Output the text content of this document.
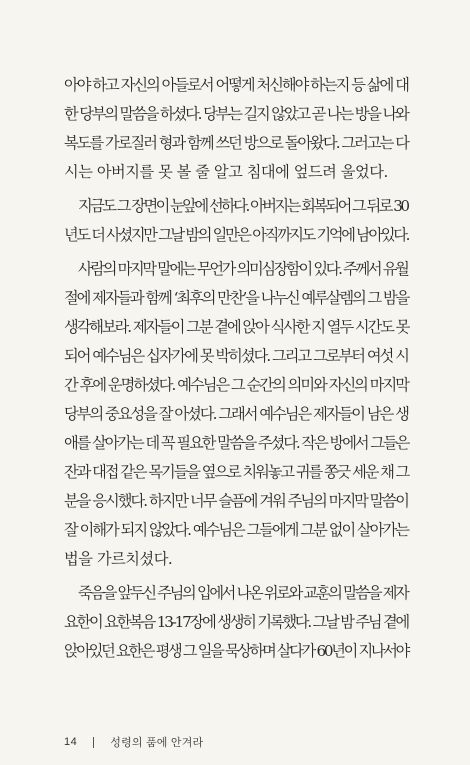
아야 하고 자신의 아들로서 어떻게 처신해야 하는지 등 삶에 대
한 당부의 말씀을 하셨다. 당부는 길지 않았고 곧 나는 방을 나와
복도를 가로질러 형과 함께 쓰던 방으로 돌아왔다. 그러고는 다
시는 아버지를 못 볼 줄 알고 침대에 엎드려 울었다.
지금도 그 장면이 눈앞에 선하다. 아버지는 회복되어 그 뒤로 30
년도 더 사셨지만 그날 밤의 일만은 아직까지도 기억에 남아있다.
사람의 마지막 말에는 무언가 의미심장함이 있다. 주께서 유월
절에 제자들과 함께 ‘최후의 만찬’을 나누신 예루살렘의 그 밤을
생각해보라. 제자들이 그분 곁에 앉아 식사한 지 열두 시간도 못
되어 예수님은 십자가에 못 박히셨다. 그리고 그로부터 여섯 시
간 후에 운명하셨다. 예수님은 그 순간의 의미와 자신의 마지막
당부의 중요성을 잘 아셨다. 그래서 예수님은 제자들이 남은 생
애를 살아가는 데 꼭 필요한 말씀을 주셨다. 작은 방에서 그들은
잔과 대접 같은 목기들을 옆으로 치워놓고 귀를 쫑긋 세운 채 그
분을 응시했다. 하지만 너무 슬픔에 겨워 주님의 마지막 말씀이
잘 이해가 되지 않았다. 예수님은 그들에게 그분 없이 살아가는
법을 가르치셨다.
죽음을 앞두신 주님의 입에서 나온 위로와 교훈의 말씀을 제자
요한이 요한복음 13-17장에 생생히 기록했다. 그날 밤 주님 곁에
앉아있던 요한은 평생 그 일을 묵상하며 살다가 60년이 지나서야
14	성령의 품에 안겨라
